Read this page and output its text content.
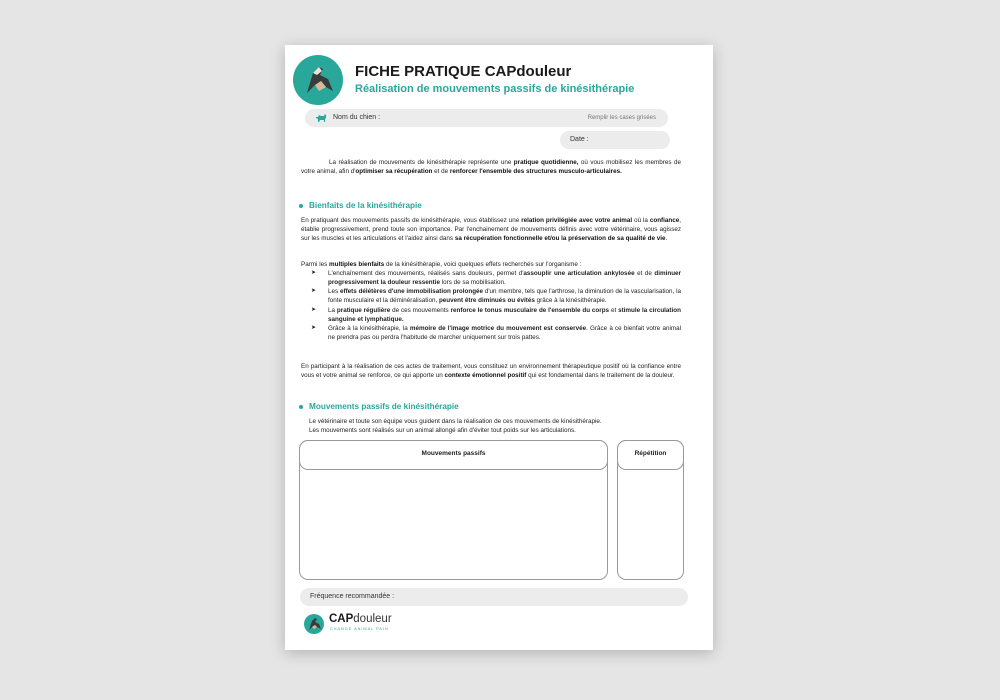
FICHE PRATIQUE CAPdouleur
Réalisation de mouvements passifs de kinésithérapie
Nom du chien :	Remplir les cases grisées
Date :
La réalisation de mouvements de kinésithérapie représente une pratique quotidienne, où vous mobilisez les membres de votre animal, afin d'optimiser sa récupération et de renforcer l'ensemble des structures musculo-articulaires.
Bienfaits de la kinésithérapie
En pratiquant des mouvements passifs de kinésithérapie, vous établissez une relation privilégiée avec votre animal où la confiance, établie progressivement, prend toute son importance. Par l'enchainement de mouvements définis avec votre vétérinaire, vous agissez sur les muscles et les articulations et l'aidez ainsi dans sa récupération fonctionnelle et/ou la préservation de sa qualité de vie.
Parmi les multiples bienfaits de la kinésithérapie, voici quelques effets recherchés sur l'organisme :
➤ L'enchaînement des mouvements, réalisés sans douleurs, permet d'assouplir une articulation ankylosée et de diminuer progressivement la douleur ressentie lors de sa mobilisation.
➤ Les effets délétères d'une immobilisation prolongée d'un membre, tels que l'arthrose, la diminution de la vascularisation, la fonte musculaire et la déminéralisation, peuvent être diminués ou évités grâce à la kinésithérapie.
➤ La pratique régulière de ces mouvements renforce le tonus musculaire de l'ensemble du corps et stimule la circulation sanguine et lymphatique.
➤ Grâce à la kinésithérapie, la mémoire de l'image motrice du mouvement est conservée. Grâce à ce bienfait votre animal ne prendra pas ou perdra l'habitude de marcher uniquement sur trois pattes.
En participant à la réalisation de ces actes de traitement, vous constituez un environnement thérapeutique positif où la confiance entre vous et votre animal se renforce, ce qui apporte un contexte émotionnel positif qui est fondamental dans le traitement de la douleur.
Mouvements passifs de kinésithérapie
Le vétérinaire et toute son équipe vous guident dans la réalisation de ces mouvements de kinésithérapie.
Les mouvements sont réalisés sur un animal allongé afin d'éviter tout poids sur les articulations.
Mouvements passifs	Répétition
Fréquence recommandée :
CAPdouleur
CHANGE ANIMAL PAIN
